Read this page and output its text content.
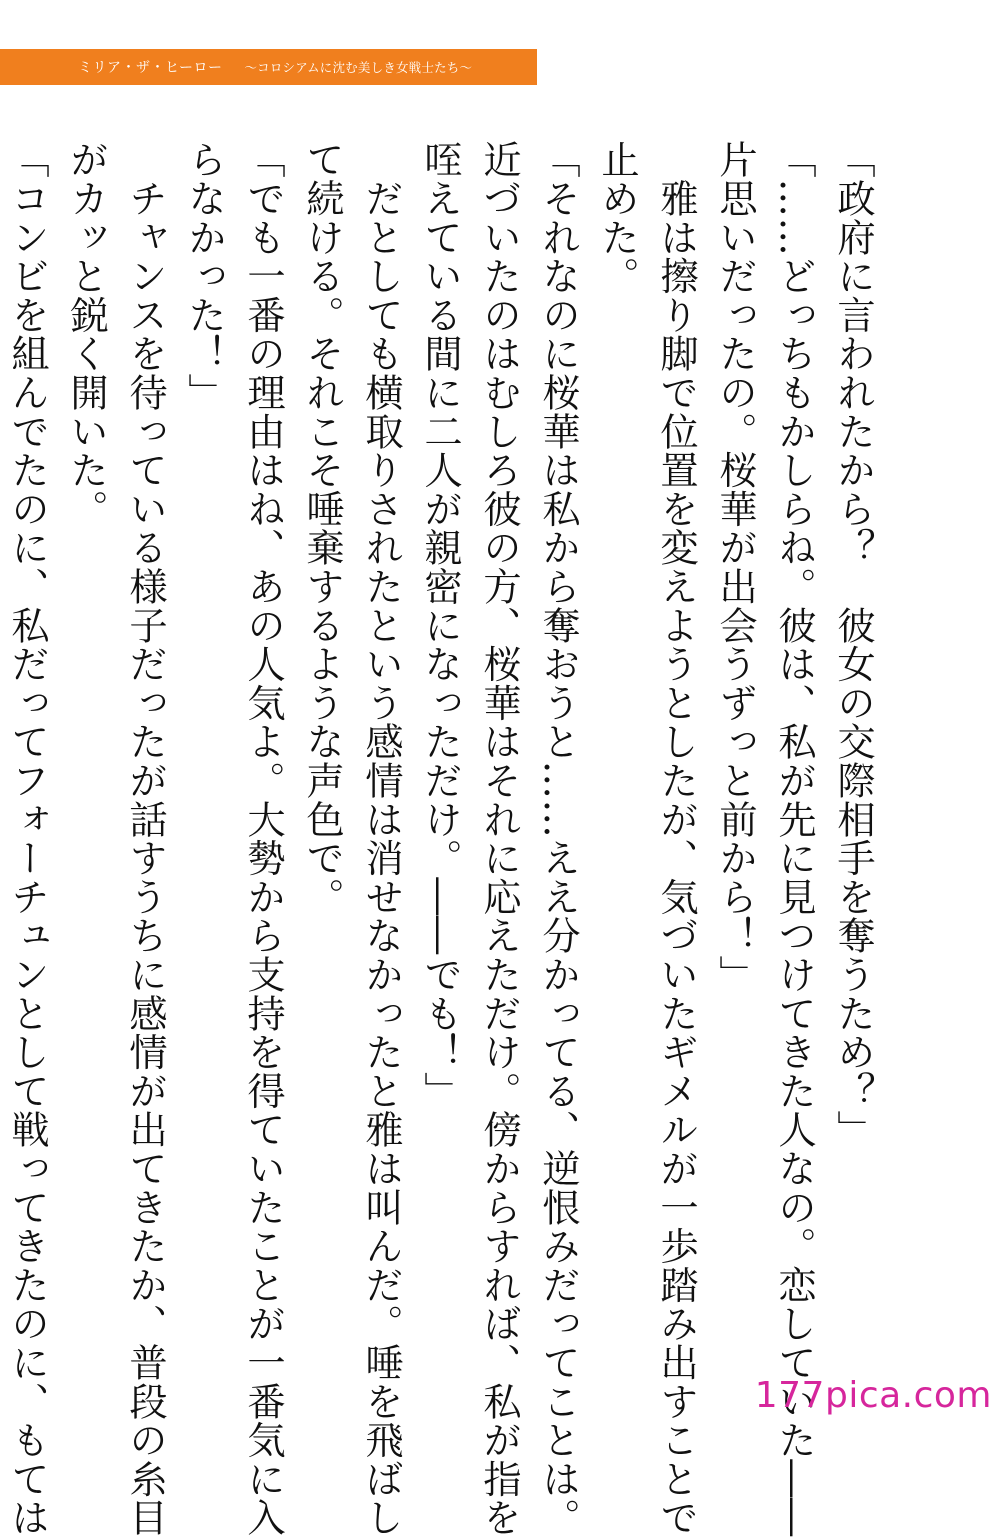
ミリア・ザ・ヒーロー 〜コロシアムに沈む美しき女戦士たち〜
「政府に言われたから？　彼女の交際相手を奪うため？」
「……どっちもかしらね。彼は、私が先に見つけてきた人なの。恋していた――
片思いだったの。桜華が出会うずっと前から！」
　雅は擦り脚で位置を変えようとしたが、気づいたギメルが一歩踏み出すことで
止めた。
「それなのに桜華は私から奪おうと……ええ分かってる、逆恨みだってことは。
近づいたのはむしろ彼の方、桜華はそれに応えただけ。傍からすれば、私が指を
咥えている間に二人が親密になっただけ。――でも！」
　だとしても横取りされたという感情は消せなかったと雅は叫んだ。唾を飛ばし
て続ける。それこそ唾棄するような声色で。
「でも一番の理由はね、あの人気よ。大勢から支持を得ていたことが一番気に入
らなかった！」
　チャンスを待っている様子だったが話すうちに感情が出てきたか、普段の糸目
がカッと鋭く開いた。
「コンビを組んでたのに、私だってフォーチュンとして戦ってきたのに、もては	177pica.com
